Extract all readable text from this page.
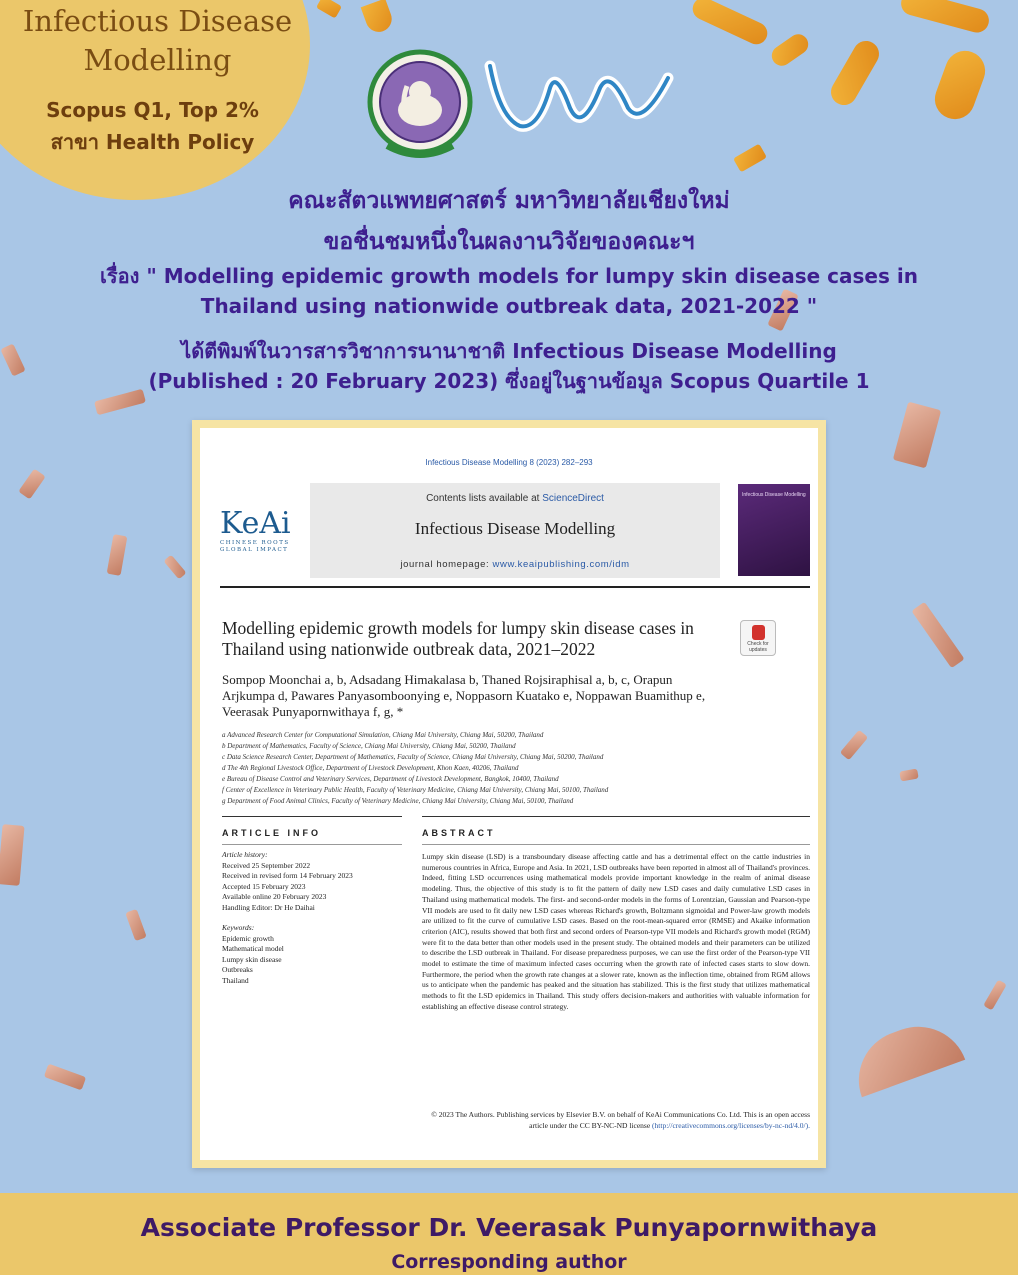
Infectious Disease
Modelling
Scopus Q1, Top 2%
สาขา Health Policy
คณะสัตวแพทยศาสตร์ มหาวิทยาลัยเชียงใหม่
ขอชื่นชมหนึ่งในผลงานวิจัยของคณะฯ
เรื่อง " Modelling epidemic growth models for lumpy skin disease cases in Thailand using nationwide outbreak data, 2021-2022 "
ได้ตีพิมพ์ในวารสารวิชาการนานาชาติ Infectious Disease Modelling
(Published : 20 February 2023) ซึ่งอยู่ในฐานข้อมูล Scopus Quartile 1
Infectious Disease Modelling 8 (2023) 282–293
KeAi
CHINESE ROOTS
GLOBAL IMPACT
Contents lists available at ScienceDirect
Infectious Disease Modelling
journal homepage: www.keaipublishing.com/idm
Infectious Disease Modelling
Modelling epidemic growth models for lumpy skin disease cases in Thailand using nationwide outbreak data, 2021–2022	Check for updates
Sompop Moonchai a, b, Adsadang Himakalasa b, Thaned Rojsiraphisal a, b, c, Orapun Arjkumpa d, Pawares Panyasomboonying e, Noppasorn Kuatako e, Noppawan Buamithup e, Veerasak Punyapornwithaya f, g, *
a Advanced Research Center for Computational Simulation, Chiang Mai University, Chiang Mai, 50200, Thailand
b Department of Mathematics, Faculty of Science, Chiang Mai University, Chiang Mai, 50200, Thailand
c Data Science Research Center, Department of Mathematics, Faculty of Science, Chiang Mai University, Chiang Mai, 50200, Thailand
d The 4th Regional Livestock Office, Department of Livestock Development, Khon Kaen, 40206, Thailand
e Bureau of Disease Control and Veterinary Services, Department of Livestock Development, Bangkok, 10400, Thailand
f Center of Excellence in Veterinary Public Health, Faculty of Veterinary Medicine, Chiang Mai University, Chiang Mai, 50100, Thailand
g Department of Food Animal Clinics, Faculty of Veterinary Medicine, Chiang Mai University, Chiang Mai, 50100, Thailand
ARTICLE INFO	ABSTRACT
Article history:
Received 25 September 2022
Received in revised form 14 February 2023
Accepted 15 February 2023
Available online 20 February 2023
Handling Editor: Dr He Daihai
Keywords:
Epidemic growth
Mathematical model
Lumpy skin disease
Outbreaks
Thailand
Lumpy skin disease (LSD) is a transboundary disease affecting cattle and has a detrimental effect on the cattle industries in numerous countries in Africa, Europe and Asia. In 2021, LSD outbreaks have been reported in almost all of Thailand's provinces. Indeed, fitting LSD occurrences using mathematical models provide important knowledge in the realm of animal disease modeling. Thus, the objective of this study is to fit the pattern of daily new LSD cases and daily cumulative LSD cases in Thailand using mathematical models. The first- and second-order models in the forms of Lorentzian, Gaussian and Pearson-type VII models are used to fit daily new LSD cases whereas Richard's growth, Boltzmann sigmoidal and Power-law growth models are utilized to fit the curve of cumulative LSD cases. Based on the root-mean-squared error (RMSE) and Akaike information criterion (AIC), results showed that both first and second orders of Pearson-type VII models and Richard's growth model (RGM) were fit to the data better than other models used in the present study. The obtained models and their parameters can be utilized to describe the LSD outbreak in Thailand. For disease preparedness purposes, we can use the first order of the Pearson-type VII model to estimate the time of maximum infected cases occurring when the growth rate of infected cases starts to slow down. Furthermore, the period when the growth rate changes at a slower rate, known as the inflection time, obtained from RGM allows us to anticipate when the pandemic has peaked and the situation has stabilized. This is the first study that utilizes mathematical methods to fit the LSD epidemics in Thailand. This study offers decision-makers and authorities with valuable information for establishing an effective disease control strategy.
© 2023 The Authors. Publishing services by Elsevier B.V. on behalf of KeAi Communications Co. Ltd. This is an open access article under the CC BY-NC-ND license (http://creativecommons.org/licenses/by-nc-nd/4.0/).
Associate Professor Dr. Veerasak Punyapornwithaya
Corresponding author
